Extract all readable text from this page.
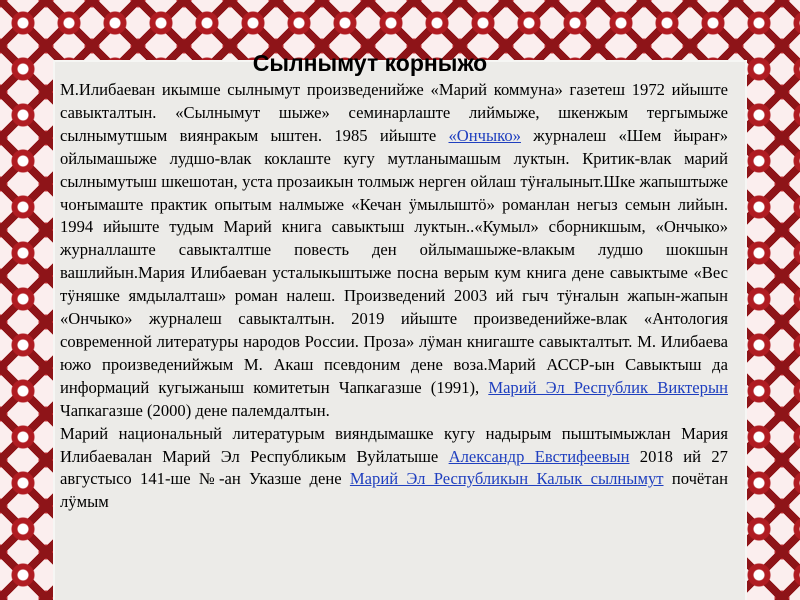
Сылнымут корныжо

М.Илибаеван икымше сылнымут произведенийже «Марий коммуна» газетеш 1972 ийыште савыкталтын. «Сылнымут шыже» семинарлаште лиймыже, шкенжым тергымыже сылнымутшым виянракым ыштен. 1985 ийыште «Ончыко» журналеш «Шем йыраҥ» ойлымашыже лудшо-влак коклаште кугу мутланымашым луктын. Критик-влак марий сылнымутыш шкешотан, уста прозаикын толмыж нерген ойлаш тӱҥалыныт.Шке жапыштыже чоҥымаште практик опытым налмыже «Кечан ӱмылыштӧ» романлан негыз семын лийын. 1994 ийыште тудым Марий книга савыктыш луктын..«Кумыл» сборникшым, «Ончыко» журналлаште савыкталтше повесть ден ойлымашыже-влакым лудшо шокшын вашлийын.Мария Илибаеван усталыкыштыже посна верым кум книга дене савыктыме «Вес тӱняшке ямдылалташ» роман налеш. Произведений 2003 ий гыч тӱҥалын жапын-жапын «Ончыко» журналеш савыкталтын. 2019 ийыште произведенийже-влак «Антология современной литературы народов России. Проза» лӱман книгаште савыкталтыт. М. Илибаева южо произведенийжым М. Акаш псевдоним дене воза.Марий АССР-ын Савыктыш да информаций кугыжаныш комитетын Чапкагазше (1991), Марий Эл Республик Виктерын Чапкагазше (2000) дене палемдалтын.

Марий национальный литературым вияндымашке кугу надырым пыштымыжлан Мария Илибаевалан Марий Эл Республикым Вуйлатыше Александр Евстифеевын 2018 ий 27 августысо 141-ше №-ан Указше дене Марий Эл Республикын Калык сылнымут почётан лӱмым
